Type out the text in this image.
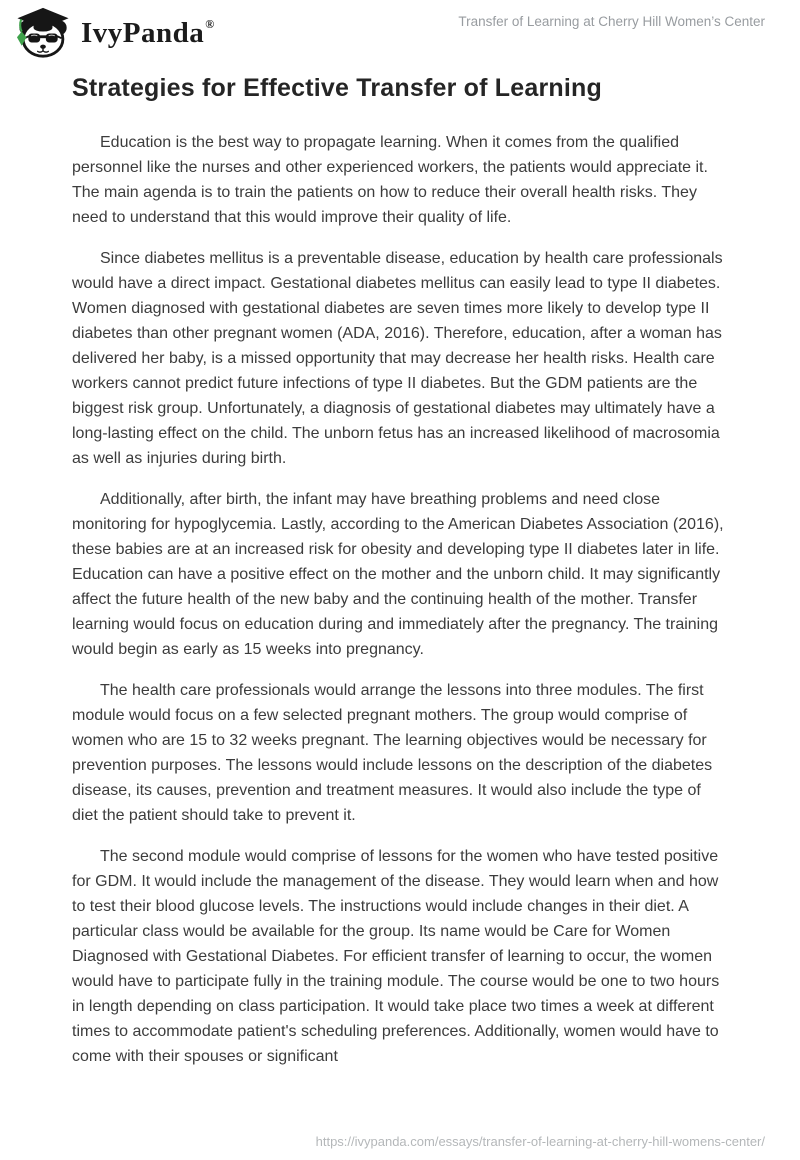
IvyPanda®	Transfer of Learning at Cherry Hill Women’s Center
Strategies for Effective Transfer of Learning

Education is the best way to propagate learning. When it comes from the qualified personnel like the nurses and other experienced workers, the patients would appreciate it. The main agenda is to train the patients on how to reduce their overall health risks. They need to understand that this would improve their quality of life.

Since diabetes mellitus is a preventable disease, education by health care professionals would have a direct impact. Gestational diabetes mellitus can easily lead to type II diabetes. Women diagnosed with gestational diabetes are seven times more likely to develop type II diabetes than other pregnant women (ADA, 2016). Therefore, education, after a woman has delivered her baby, is a missed opportunity that may decrease her health risks. Health care workers cannot predict future infections of type II diabetes. But the GDM patients are the biggest risk group. Unfortunately, a diagnosis of gestational diabetes may ultimately have a long-lasting effect on the child. The unborn fetus has an increased likelihood of macrosomia as well as injuries during birth.

Additionally, after birth, the infant may have breathing problems and need close monitoring for hypoglycemia. Lastly, according to the American Diabetes Association (2016), these babies are at an increased risk for obesity and developing type II diabetes later in life. Education can have a positive effect on the mother and the unborn child. It may significantly affect the future health of the new baby and the continuing health of the mother. Transfer learning would focus on education during and immediately after the pregnancy. The training would begin as early as 15 weeks into pregnancy.

The health care professionals would arrange the lessons into three modules. The first module would focus on a few selected pregnant mothers. The group would comprise of women who are 15 to 32 weeks pregnant. The learning objectives would be necessary for prevention purposes. The lessons would include lessons on the description of the diabetes disease, its causes, prevention and treatment measures. It would also include the type of diet the patient should take to prevent it.

The second module would comprise of lessons for the women who have tested positive for GDM. It would include the management of the disease. They would learn when and how to test their blood glucose levels. The instructions would include changes in their diet. A particular class would be available for the group. Its name would be Care for Women Diagnosed with Gestational Diabetes. For efficient transfer of learning to occur, the women would have to participate fully in the training module. The course would be one to two hours in length depending on class participation. It would take place two times a week at different times to accommodate patient's scheduling preferences. Additionally, women would have to come with their spouses or significant

https://ivypanda.com/essays/transfer-of-learning-at-cherry-hill-womens-center/
